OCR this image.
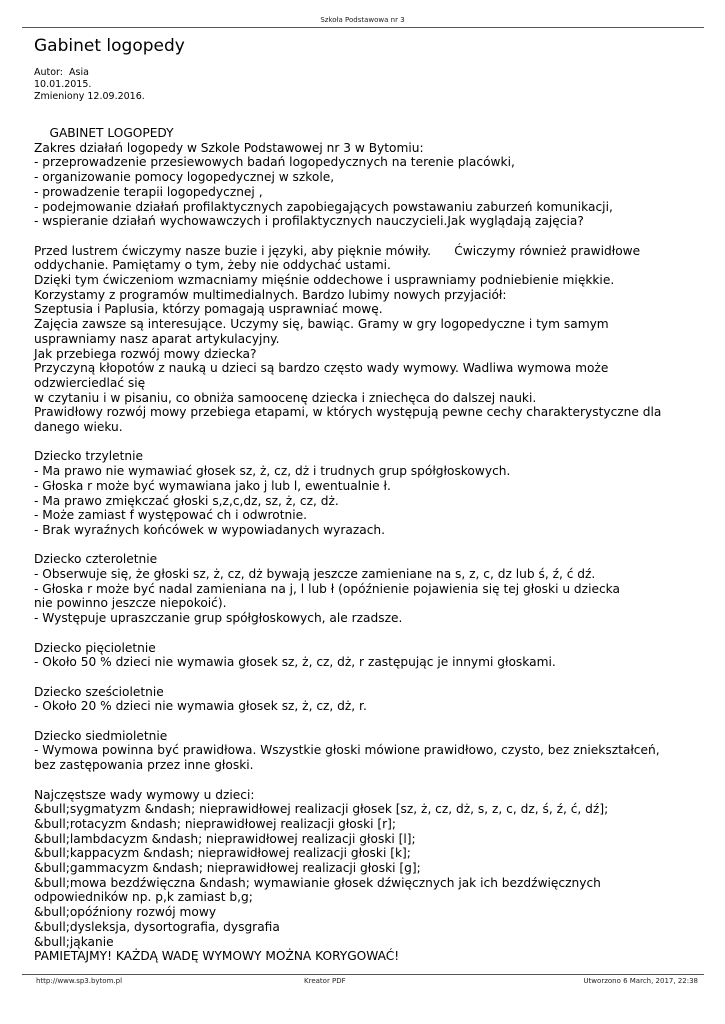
Szkoła Podstawowa nr 3
Gabinet logopedy
Autor:  Asia
10.01.2015.
Zmieniony 12.09.2016.
GABINET LOGOPEDY
Zakres działań logopedy w Szkole Podstawowej nr 3 w Bytomiu:
- przeprowadzenie przesiewowych badań logopedycznych na terenie placówki,
- organizowanie pomocy logopedycznej w szkole,
- prowadzenie terapii logopedycznej ,
- podejmowanie działań profilaktycznych zapobiegających powstawaniu zaburzeń komunikacji,
- wspieranie działań wychowawczych i profilaktycznych nauczycieli.Jak wyglądają zajęcia?
Przed lustrem ćwiczymy nasze buzie i języki, aby pięknie mówiły.      Ćwiczymy również prawidłowe
oddychanie. Pamiętamy o tym, żeby nie oddychać ustami.
Dzięki tym ćwiczeniom wzmacniamy mięśnie oddechowe i usprawniamy podniebienie miękkie.
Korzystamy z programów multimedialnych. Bardzo lubimy nowych przyjaciół:
Szeptusia i Paplusia, którzy pomagają usprawniać mowę.
Zajęcia zawsze są interesujące. Uczymy się, bawiąc. Gramy w gry logopedyczne i tym samym
usprawniamy nasz aparat artykulacyjny.
Jak przebiega rozwój mowy dziecka?
Przyczyną kłopotów z nauką u dzieci są bardzo często wady wymowy. Wadliwa wymowa może
odzwierciedlać się
w czytaniu i w pisaniu, co obniża samoocenę dziecka i zniechęca do dalszej nauki.
Prawidłowy rozwój mowy przebiega etapami, w których występują pewne cechy charakterystyczne dla
danego wieku.
Dziecko trzyletnie
- Ma prawo nie wymawiać głosek sz, ż, cz, dż i trudnych grup spółgłoskowych.
- Głoska r może być wymawiana jako j lub l, ewentualnie ł.
- Ma prawo zmiękczać głoski s,z,c,dz, sz, ż, cz, dż.
- Może zamiast f występować ch i odwrotnie.
- Brak wyraźnych końcówek w wypowiadanych wyrazach.
Dziecko czteroletnie
- Obserwuje się, że głoski sz, ż, cz, dż bywają jeszcze zamieniane na s, z, c, dz lub ś, ź, ć dź.
- Głoska r może być nadal zamieniana na j, l lub ł (opóźnienie pojawienia się tej głoski u dziecka
nie powinno jeszcze niepokoić).
- Występuje upraszczanie grup spółgłoskowych, ale rzadsze.
Dziecko pięcioletnie
- Około 50 % dzieci nie wymawia głosek sz, ż, cz, dż, r zastępując je innymi głoskami.
Dziecko sześcioletnie
- Około 20 % dzieci nie wymawia głosek sz, ż, cz, dż, r.
Dziecko siedmioletnie
- Wymowa powinna być prawidłowa. Wszystkie głoski mówione prawidłowo, czysto, bez zniekształceń,
bez zastępowania przez inne głoski.
Najczęstsze wady wymowy u dzieci:
&bull;sygmatyzm &ndash; nieprawidłowej realizacji głosek [sz, ż, cz, dż, s, z, c, dz, ś, ź, ć, dź];
&bull;rotacyzm &ndash; nieprawidłowej realizacji głoski [r];
&bull;lambdacyzm &ndash; nieprawidłowej realizacji głoski [l];
&bull;kappacyzm &ndash; nieprawidłowej realizacji głoski [k];
&bull;gammacyzm &ndash; nieprawidłowej realizacji głoski [g];
&bull;mowa bezdźwięczna &ndash; wymawianie głosek dźwięcznych jak ich bezdźwięcznych
odpowiedników np. p,k zamiast b,g;
&bull;opóźniony rozwój mowy
&bull;dysleksja, dysortografia, dysgrafia
&bull;jąkanie
PAMIETAJMY! KAŻDĄ WADĘ WYMOWY MOŻNA KORYGOWAĆ!
http://www.sp3.bytom.pl	Kreator PDF	Utworzono 6 March, 2017, 22:38
